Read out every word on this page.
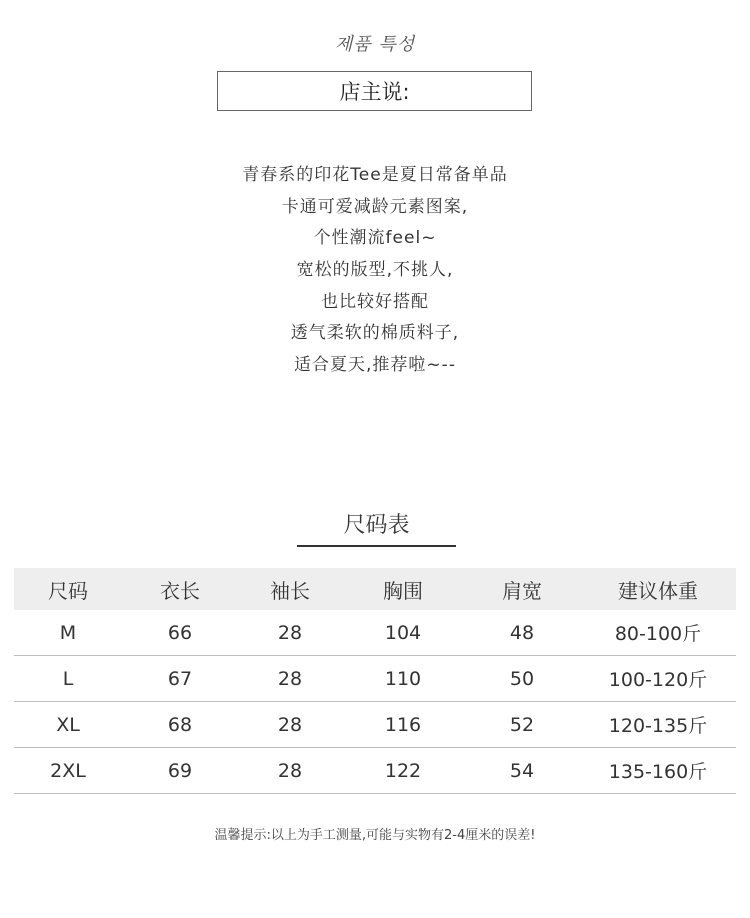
제품 특성
店主说:
青春系的印花Tee是夏日常备单品
卡通可爱减龄元素图案,
个性潮流feel~
宽松的版型,不挑人,
也比较好搭配
透气柔软的棉质料子,
适合夏天,推荐啦~--
尺码表
尺码	衣长	袖长	胸围	肩宽	建议体重
M	66	28	104	48	80-100斤
L	67	28	110	50	100-120斤
XL	68	28	116	52	120-135斤
2XL	69	28	122	54	135-160斤
温馨提示:以上为手工测量,可能与实物有2-4厘米的误差!
